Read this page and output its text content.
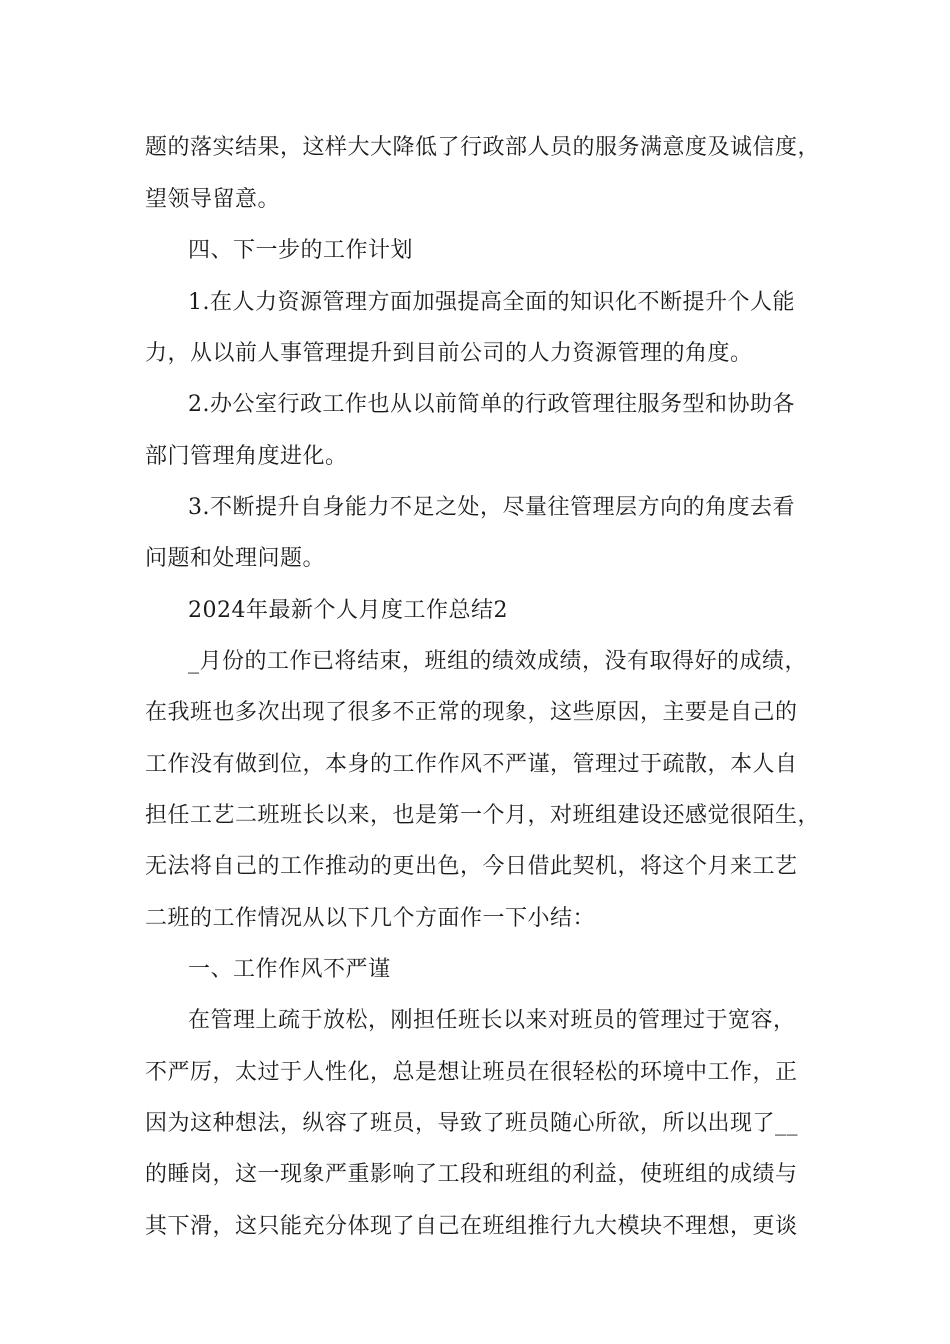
题的落实结果，这样大大降低了行政部人员的服务满意度及诚信度，
望领导留意。
四、下一步的工作计划
1.在人力资源管理方面加强提高全面的知识化不断提升个人能
力，从以前人事管理提升到目前公司的人力资源管理的角度。
2.办公室行政工作也从以前简单的行政管理往服务型和协助各
部门管理角度进化。
3.不断提升自身能力不足之处，尽量往管理层方向的角度去看
问题和处理问题。
2024年最新个人月度工作总结2
_月份的工作已将结束，班组的绩效成绩，没有取得好的成绩，
在我班也多次出现了很多不正常的现象，这些原因，主要是自己的
工作没有做到位，本身的工作作风不严谨，管理过于疏散，本人自
担任工艺二班班长以来，也是第一个月，对班组建设还感觉很陌生，
无法将自己的工作推动的更出色，今日借此契机，将这个月来工艺
二班的工作情况从以下几个方面作一下小结：
一、工作作风不严谨
在管理上疏于放松，刚担任班长以来对班员的管理过于宽容，
不严厉，太过于人性化，总是想让班员在很轻松的环境中工作，正
因为这种想法，纵容了班员，导致了班员随心所欲，所以出现了__
的睡岗，这一现象严重影响了工段和班组的利益，使班组的成绩与
其下滑，这只能充分体现了自己在班组推行九大模块不理想，更谈
